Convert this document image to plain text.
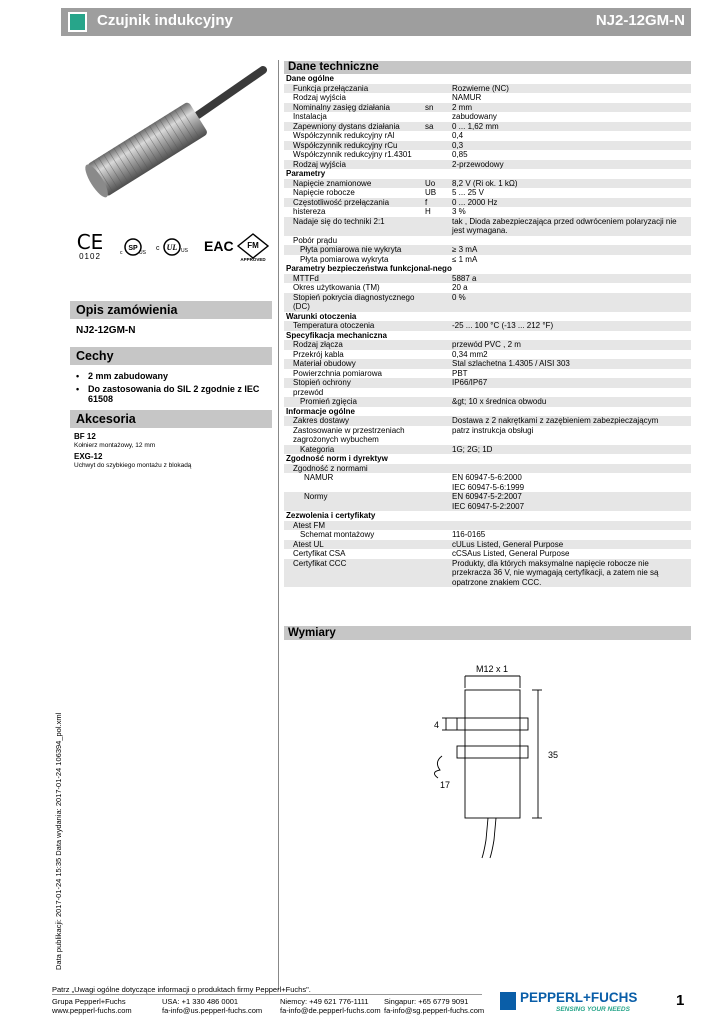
Czujnik indukcyjny	NJ2-12GM-N
CE
0102
SP
c	US
c UL US EAC	FM
APPROVED
Opis zamówienia
NJ2-12GM-N
Cechy
• 2 mm zabudowany
• Do zastosowania do SIL 2 zgodnie z IEC 61508
Akcesoria
BF 12
Kołnierz montażowy, 12 mm
EXG-12
Uchwyt do szybkiego montażu z blokadą
Dane techniczne
Dane ogólne		
Funkcja przełączania		Rozwierne (NC)
Rodzaj wyjścia		NAMUR
Nominalny zasięg działania	sn	2 mm
Instalacja		zabudowany
Zapewniony dystans działania	sa	0 ... 1,62 mm
Współczynnik redukcyjny rAl		0,4
Współczynnik redukcyjny rCu		0,3
Współczynnik redukcyjny r1.4301		0,85
Rodzaj wyjścia		2-przewodowy
Parametry		
Napięcie znamionowe	Uo	8,2 V (Ri ok. 1 kΩ)
Napięcie robocze	UB	5 ... 25 V
Częstotliwość przełączania	f	0 ... 2000 Hz
histereza	H	3 %
Nadaje się do techniki 2:1		tak , Dioda zabezpieczająca przed odwróceniem polaryzacji nie jest wymagana.
Pobór prądu		
Płyta pomiarowa nie wykryta		≥ 3 mA
Płyta pomiarowa wykryta		≤ 1 mA
Parametry bezpieczeństwa funkcjonal-nego		
MTTFd		5887 a
Okres użytkowania (TM)		20 a
Stopień pokrycia diagnostycznego (DC)		0 %
Warunki otoczenia		
Temperatura otoczenia		-25 ... 100 °C (-13 ... 212 °F)
Specyfikacja mechaniczna		
Rodzaj złącza		przewód PVC , 2 m
Przekrój kabla		0,34 mm2
Materiał obudowy		Stal szlachetna 1.4305 / AISI 303
Powierzchnia pomiarowa		PBT
Stopień ochrony		IP66/IP67
przewód		
Promień zgięcia		&gt; 10 x średnica obwodu
Informacje ogólne		
Zakres dostawy		Dostawa z 2 nakrętkami z zazębieniem zabezpieczającym
Zastosowanie w przestrzeniach zagrożonych wybuchem		patrz instrukcja obsługi
Kategoria		1G; 2G; 1D
Zgodność norm i dyrektyw		
Zgodność z normami		
NAMUR		EN 60947-5-6:2000
IEC 60947-5-6:1999
Normy		EN 60947-5-2:2007
IEC 60947-5-2:2007
Zezwolenia i certyfikaty		
Atest FM		
Schemat montażowy		116-0165
Atest UL		cULus Listed, General Purpose
Certyfikat CSA		cCSAus Listed, General Purpose
Certyfikat CCC		Produkty, dla których maksymalne napięcie robocze nie przekracza 36 V, nie wymagają certyfikacji, a zatem nie są opatrzone znakiem CCC.
Wymiary
M12 x 1
4
35
17
Data publikacji: 2017-01-24 15:35 Data wydania: 2017-01-24 106394_pol.xml
Patrz „Uwagi ogólne dotyczące informacji o produktach firmy Pepperl+Fuchs".
Grupa Pepperl+Fuchs
www.pepperl-fuchs.com
USA: +1 330 486 0001
fa-info@us.pepperl-fuchs.com
Niemcy: +49 621 776-1111
fa-info@de.pepperl-fuchs.com
Singapur: +65 6779 9091
fa-info@sg.pepperl-fuchs.com
PEPPERL+FUCHS
SENSING YOUR NEEDS
1
